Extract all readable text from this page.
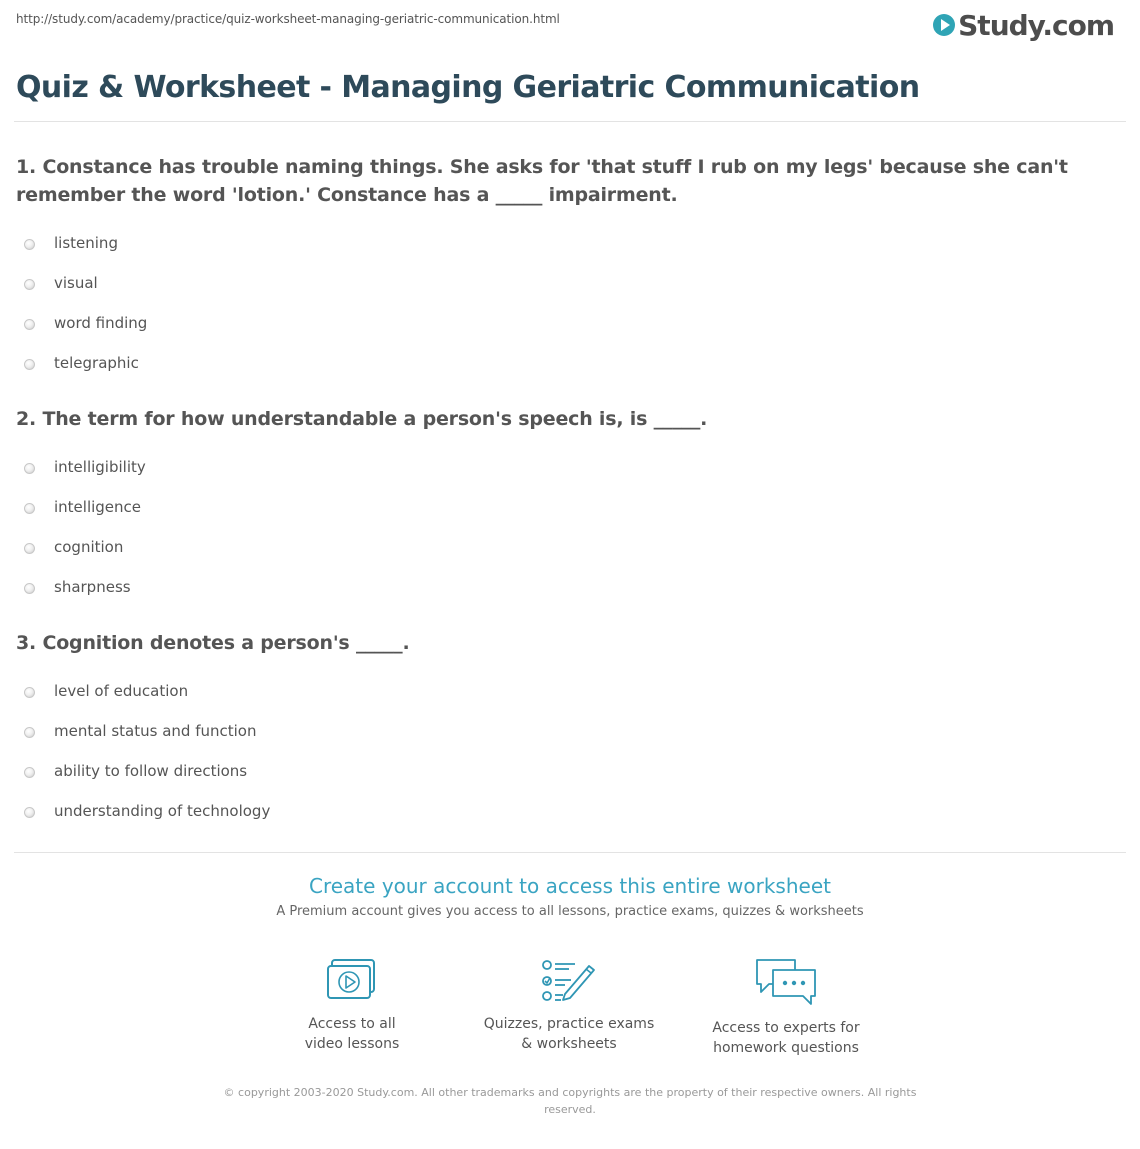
http://study.com/academy/practice/quiz-worksheet-managing-geriatric-communication.html	Study.com
Quiz & Worksheet - Managing Geriatric Communication
1. Constance has trouble naming things. She asks for 'that stuff I rub on my legs' because she can't remember the word 'lotion.' Constance has a _____ impairment.
listening
visual
word finding
telegraphic
2. The term for how understandable a person's speech is, is _____.
intelligibility
intelligence
cognition
sharpness
3. Cognition denotes a person's _____.
level of education
mental status and function
ability to follow directions
understanding of technology
Create your account to access this entire worksheet
A Premium account gives you access to all lessons, practice exams, quizzes & worksheets
Access to all
video lessons
Quizzes, practice exams
& worksheets
Access to experts for
homework questions
© copyright 2003-2020 Study.com. All other trademarks and copyrights are the property of their respective owners. All rights reserved.
